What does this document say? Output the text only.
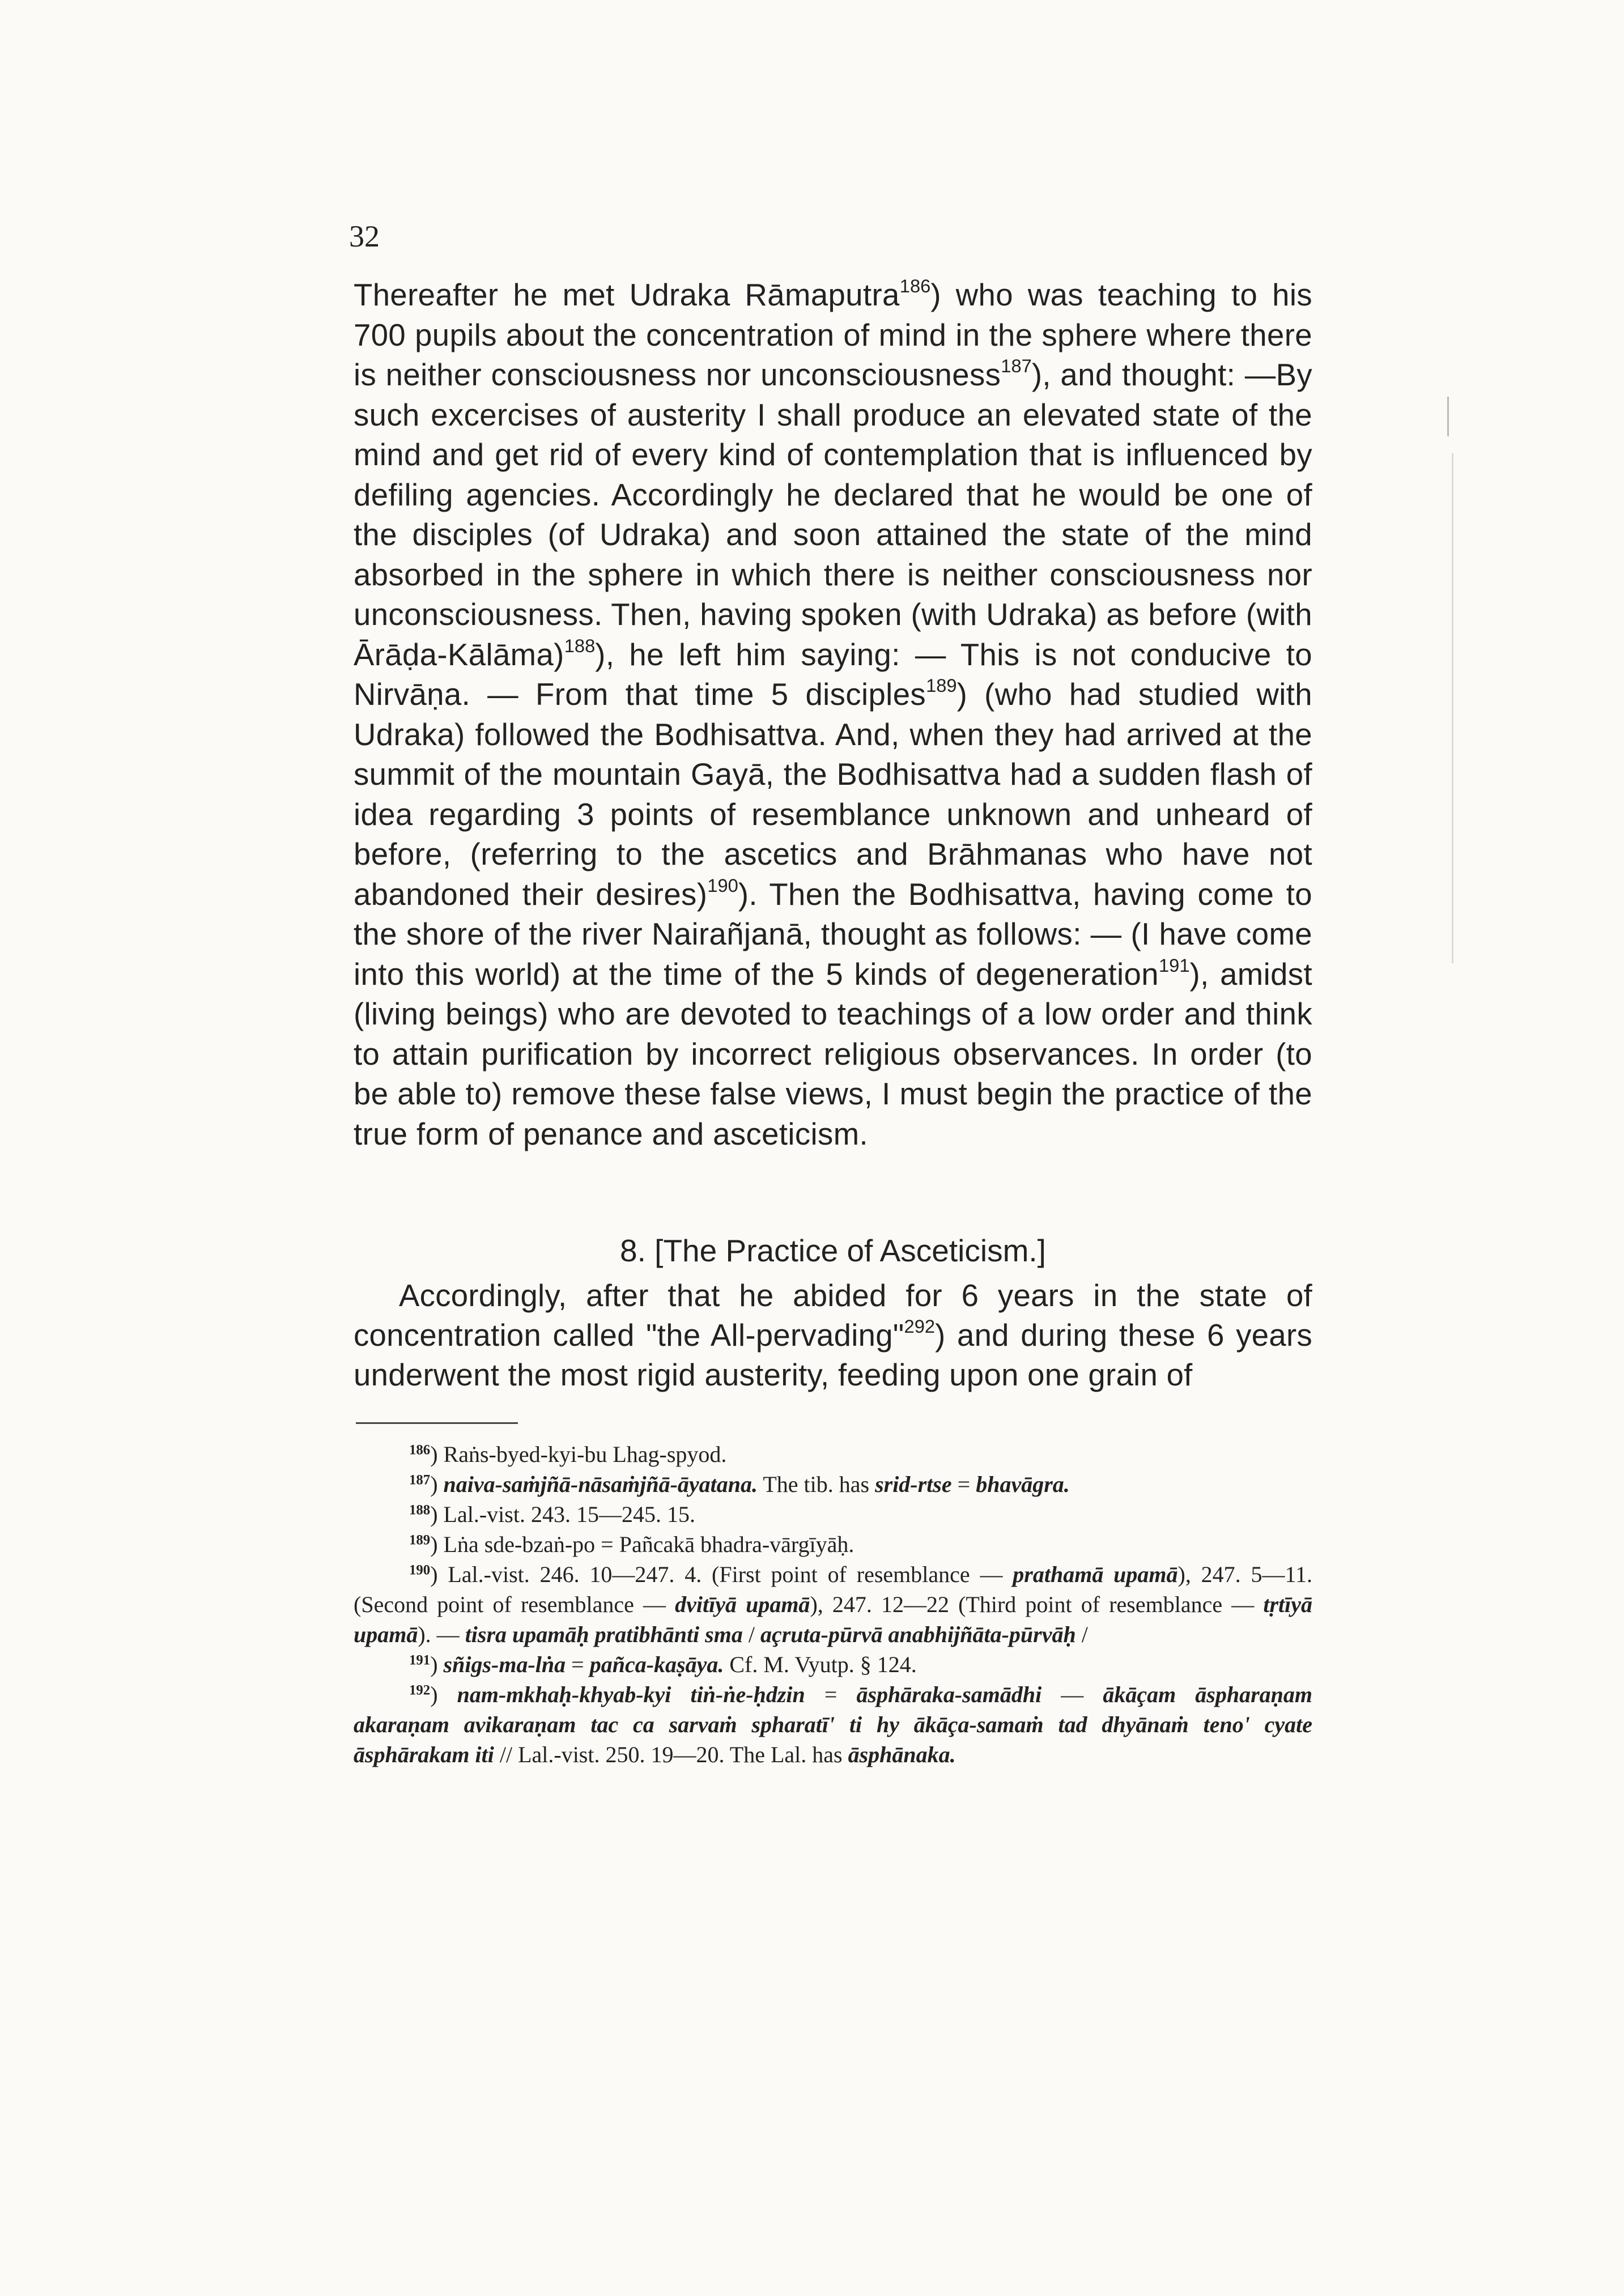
32

Thereafter he met Udraka Rāmaputra$^{186}$) who was teaching to his 700 pupils about the concentration of mind in the sphere where there is neither consciousness nor unconsciousness$^{187}$), and thought: —By such excercises of austerity I shall produce an elevated state of the mind and get rid of every kind of contemplation that is influenced by defiling agencies. Accordingly he declared that he would be one of the disciples (of Udraka) and soon attained the state of the mind absorbed in the sphere in which there is neither consciousness nor unconsciousness. Then, having spoken (with Udraka) as before (with Ārāḍa-Kālāma)$^{188}$), he left him saying: — This is not conducive to Nirvāṇa. — From that time 5 disciples$^{189}$) (who had studied with Udraka) followed the Bodhisattva. And, when they had arrived at the summit of the mountain Gayā, the Bodhisattva had a sudden flash of idea regarding 3 points of resemblance unknown and unheard of before, (referring to the ascetics and Brāhmanas who have not abandoned their desires)$^{190}$). Then the Bodhisattva, having come to the shore of the river Nairañjanā, thought as follows: — (I have come into this world) at the time of the 5 kinds of degeneration$^{191}$), amidst (living beings) who are devoted to teachings of a low order and think to attain purification by incorrect religious observances. In order (to be able to) remove these false views, I must begin the practice of the true form of penance and asceticism.

8. [The Practice of Asceticism.]
Accordingly, after that he abided for 6 years in the state of concentration called "the All-pervading"$^{292}$) and during these 6 years underwent the most rigid austerity, feeding upon one grain of

$^{186}$) Raṅs-byed-kyi-bu Lhag-spyod.

$^{187}$) naiva-saṁjñā-nāsaṁjñā-āyatana. The tib. has srid-rtse = bhavāgra.

$^{188}$) Lal.-vist. 243. 15—245. 15.

$^{189}$) Lṅa sde-bzaṅ-po = Pañcakā bhadra-vārgīyāḥ.

$^{190}$) Lal.-vist. 246. 10—247. 4. (First point of resemblance — prathamā upamā), 247. 5—11. (Second point of resemblance — dvitīyā upamā), 247. 12—22 (Third point of resemblance — tṛtīyā upamā). — tisra upamāḥ pratibhānti sma / açruta-pūrvā anabhijñāta-pūrvāḥ /

$^{191}$) sñigs-ma-lṅa = pañca-kaṣāya. Cf. M. Vyutp. § 124.

$^{192}$) nam-mkhaḥ-khyab-kyi tiṅ-ṅe-ḥdzin = āsphāraka-samādhi — ākāçam āspharaṇam akaraṇam avikaraṇam tac ca sarvaṁ spharatī' ti hy ākāça-samaṁ tad dhyānaṁ teno' cyate āsphārakam iti // Lal.-vist. 250. 19—20. The Lal. has āsphānaka.
